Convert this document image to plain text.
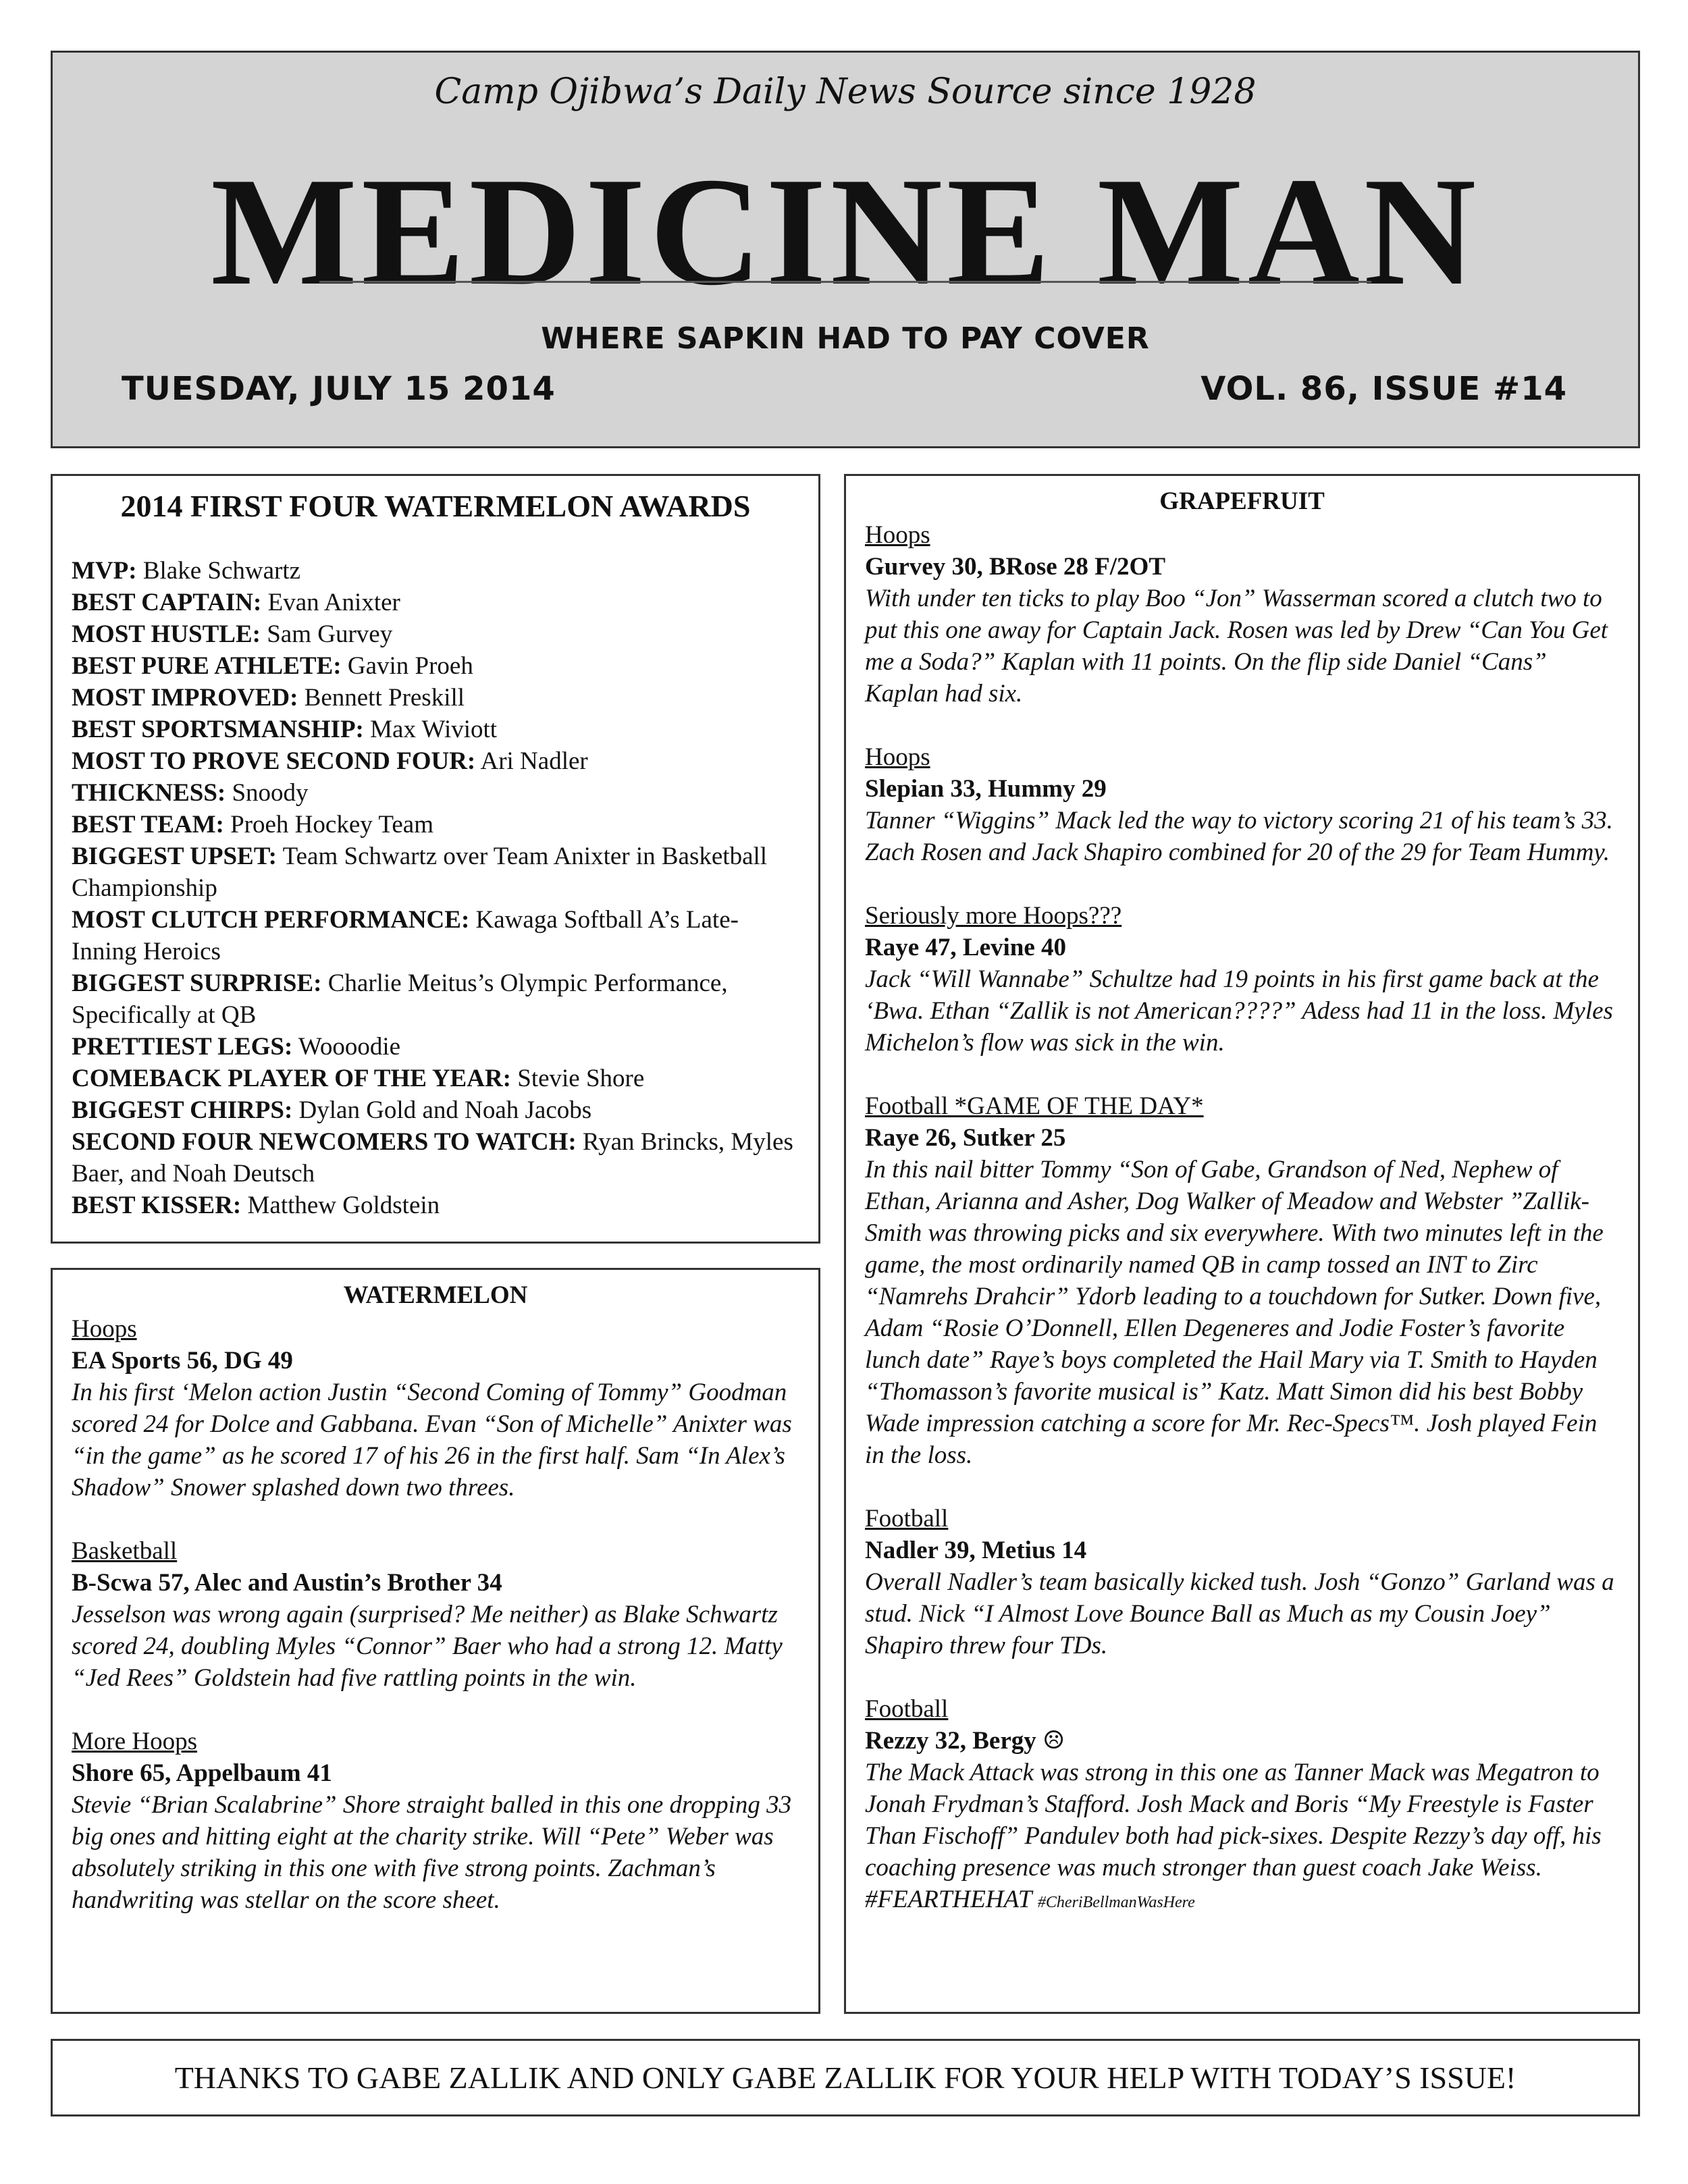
Camp Ojibwa’s Daily News Source since 1928
MEDICINE MAN
WHERE SAPKIN HAD TO PAY COVER
TUESDAY, JULY 15 2014	VOL. 86, ISSUE #14
2014 FIRST FOUR WATERMELON AWARDS
MVP: Blake Schwartz
BEST CAPTAIN: Evan Anixter
MOST HUSTLE: Sam Gurvey
BEST PURE ATHLETE: Gavin Proeh
MOST IMPROVED: Bennett Preskill
BEST SPORTSMANSHIP: Max Wiviott
MOST TO PROVE SECOND FOUR: Ari Nadler
THICKNESS: Snoody
BEST TEAM: Proeh Hockey Team
BIGGEST UPSET: Team Schwartz over Team Anixter in Basketball Championship
MOST CLUTCH PERFORMANCE: Kawaga Softball A’s Late-Inning Heroics
BIGGEST SURPRISE: Charlie Meitus’s Olympic Performance, Specifically at QB
PRETTIEST LEGS: Woooodie
COMEBACK PLAYER OF THE YEAR: Stevie Shore
BIGGEST CHIRPS: Dylan Gold and Noah Jacobs
SECOND FOUR NEWCOMERS TO WATCH: Ryan Brincks, Myles Baer, and Noah Deutsch
BEST KISSER: Matthew Goldstein
WATERMELON
Hoops
EA Sports 56, DG 49
In his first ‘Melon action Justin “Second Coming of Tommy” Goodman scored 24 for Dolce and Gabbana. Evan “Son of Michelle” Anixter was “in the game” as he scored 17 of his 26 in the first half. Sam “In Alex’s Shadow” Snower splashed down two threes.
Basketball
B-Scwa 57, Alec and Austin’s Brother 34
Jesselson was wrong again (surprised? Me neither) as Blake Schwartz scored 24, doubling Myles “Connor” Baer who had a strong 12. Matty “Jed Rees” Goldstein had five rattling points in the win.
More Hoops
Shore 65, Appelbaum 41
Stevie “Brian Scalabrine” Shore straight balled in this one dropping 33 big ones and hitting eight at the charity strike. Will “Pete” Weber was absolutely striking in this one with five strong points. Zachman’s handwriting was stellar on the score sheet.
GRAPEFRUIT
Hoops
Gurvey 30, BRose 28 F/2OT
With under ten ticks to play Boo “Jon” Wasserman scored a clutch two to put this one away for Captain Jack. Rosen was led by Drew “Can You Get me a Soda?” Kaplan with 11 points. On the flip side Daniel “Cans” Kaplan had six.
Hoops
Slepian 33, Hummy 29
Tanner “Wiggins” Mack led the way to victory scoring 21 of his team’s 33. Zach Rosen and Jack Shapiro combined for 20 of the 29 for Team Hummy.
Seriously more Hoops???
Raye 47, Levine 40
Jack “Will Wannabe” Schultze had 19 points in his first game back at the ‘Bwa. Ethan “Zallik is not American????” Adess had 11 in the loss. Myles Michelon’s flow was sick in the win.
Football *GAME OF THE DAY*
Raye 26, Sutker 25
In this nail bitter Tommy “Son of Gabe, Grandson of Ned, Nephew of Ethan, Arianna and Asher, Dog Walker of Meadow and Webster ”Zallik-Smith was throwing picks and six everywhere. With two minutes left in the game, the most ordinarily named QB in camp tossed an INT to Zirc “Namrehs Drahcir” Ydorb leading to a touchdown for Sutker. Down five, Adam “Rosie O’Donnell, Ellen Degeneres and Jodie Foster’s favorite lunch date” Raye’s boys completed the Hail Mary via T. Smith to Hayden “Thomasson’s favorite musical is” Katz. Matt Simon did his best Bobby Wade impression catching a score for Mr. Rec-Specs™. Josh played Fein in the loss.
Football
Nadler 39, Metius 14
Overall Nadler’s team basically kicked tush. Josh “Gonzo” Garland was a stud. Nick “I Almost Love Bounce Ball as Much as my Cousin Joey” Shapiro threw four TDs.
Football
Rezzy 32, Bergy ☹
The Mack Attack was strong in this one as Tanner Mack was Megatron to Jonah Frydman’s Stafford. Josh Mack and Boris “My Freestyle is Faster Than Fischoff” Pandulev both had pick-sixes. Despite Rezzy’s day off, his coaching presence was much stronger than guest coach Jake Weiss. #FEARTHEHAT #CheriBellmanWasHere
THANKS TO GABE ZALLIK AND ONLY GABE ZALLIK FOR YOUR HELP WITH TODAY’S ISSUE!
